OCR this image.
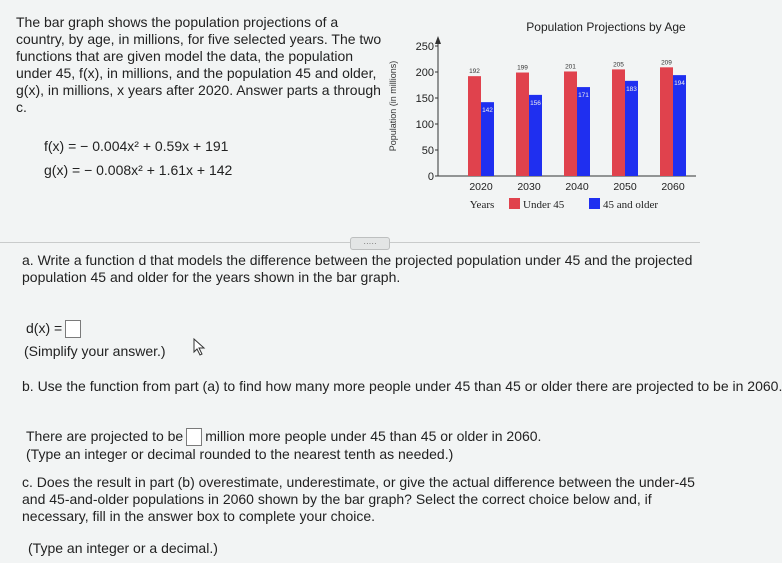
The bar graph shows the population projections of a country, by age, in millions, for five selected years. The two functions that are given model the data, the population under 45, f(x), in millions, and the population 45 and older, g(x), in millions, x years after 2020. Answer parts a through c.
f(x) = − 0.004x² + 0.59x + 191
g(x) = − 0.008x² + 1.61x + 142
Population Projections by Age
Population (in millions)
0
50
100
150
200
250
192
142
2020
199
156
2030
201
171
2040
205
183
2050
209
194
2060
Years	Under 45	45 and older
·····
a. Write a function d that models the difference between the projected population under 45 and the projected population 45 and older for the years shown in the bar graph.
d(x) =
(Simplify your answer.)
b. Use the function from part (a) to find how many more people under 45 than 45 or older there are projected to be in 2060.
There are projected to be million more people under 45 than 45 or older in 2060.
(Type an integer or decimal rounded to the nearest tenth as needed.)
c. Does the result in part (b) overestimate, underestimate, or give the actual difference between the under-45 and 45-and-older populations in 2060 shown by the bar graph? Select the correct choice below and, if necessary, fill in the answer box to complete your choice.
(Type an integer or a decimal.)
